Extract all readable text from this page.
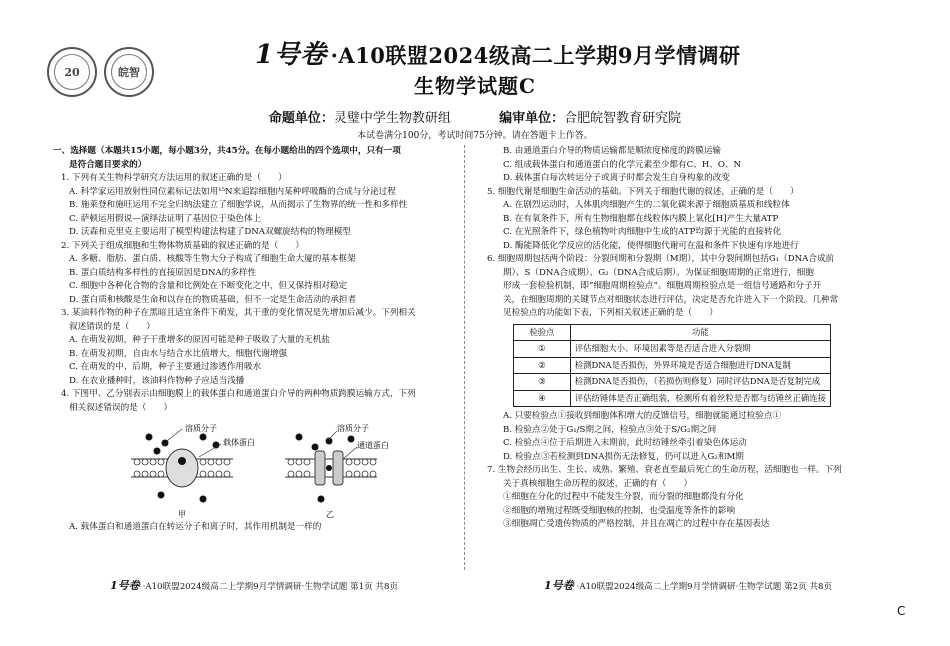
20	皖智
1号卷 ·A10联盟2024级高二上学期9月学情调研
生物学试题C
命题单位：灵璧中学生物教研组	编审单位：合肥皖智教育研究院
本试卷满分100分，考试时间75分钟。请在答题卡上作答。

一、选择题（本题共15小题，每小题3分，共45分。在每小题给出的四个选项中，只有一项

是符合题目要求的）

1. 下列有关生物科学研究方法运用的叙述正确的是（　　）

A. 科学家运用放射性同位素标记法如用¹⁵N来追踪细胞内某种呼吸酶的合成与分泌过程

B. 施莱登和施旺运用不完全归纳法建立了细胞学说，从而揭示了生物界的统一性和多样性

C. 萨顿运用假说—演绎法证明了基因位于染色体上

D. 沃森和克里克主要运用了模型构建法构建了DNA双螺旋结构的物理模型

2. 下列关于组成细胞和生物体物质基础的叙述正确的是（　　）

A. 多糖、脂肪、蛋白质、核酸等生物大分子构成了细胞生命大厦的基本框架

B. 蛋白质结构多样性的直接原因是DNA的多样性

C. 细胞中各种化合物的含量和比例处在不断变化之中，但又保持相对稳定

D. 蛋白质和核酸是生命和以存在的物质基础，但不一定是生命活动的承担者

3. 某油料作物的种子在黑暗且适宜条件下萌发，其干重的变化情况是先增加后减少。下列相关

叙述错误的是（　　）

A. 在萌发初期，种子干重增多的原因可能是种子吸收了大量的无机盐

B. 在萌发初期，自由水与结合水比值增大，细胞代谢增强

C. 在萌发的中、后期，种子主要通过渗透作用吸水

D. 在农业播种时，该油料作物种子应适当浅播

4. 下图甲、乙分别表示由细胞膜上的载体蛋白和通道蛋白介导的两种物质跨膜运输方式，下列

相关叙述错误的是（　　）

溶质分子
载体蛋白
甲
溶质分子
通道蛋白
乙

A. 载体蛋白和通道蛋白在转运分子和离子时，其作用机制是一样的

B. 由通道蛋白介导的物质运输都是顺浓度梯度的跨膜运输

C. 组成载体蛋白和通道蛋白的化学元素至少都有C、H、O、N

D. 载体蛋白每次转运分子或离子时都会发生自身构象的改变

5. 细胞代谢是细胞生命活动的基础。下列关于细胞代谢的叙述，正确的是（　　）

A. 在剧烈运动时，人体肌肉细胞产生的二氧化碳来源于细胞质基质和线粒体

B. 在有氧条件下，所有生物细胞都在线粒体内膜上氧化[H]产生大量ATP

C. 在光照条件下，绿色植物叶肉细胞中生成的ATP均源于光能的直接转化

D. 酶能降低化学反应的活化能，使得细胞代谢可在温和条件下快速有序地进行

6. 细胞周期包括两个阶段：分裂间期和分裂期（M期），其中分裂间期包括G₁（DNA合成前

期）、S（DNA合成期）、G₂（DNA合成后期）。为保证细胞周期的正常进行，细胞

形成一套检验机制，即“细胞周期检验点”。细胞周期检验点是一组信号通路和分子开

关，在细胞周期的关键节点对细胞状态进行评估，决定是否允许进入下一个阶段。几种常

见检验点的功能如下表，下列相关叙述正确的是（　　）

检验点	功能
①	评估细胞大小、环境因素等是否适合进入分裂期
②	检测DNA是否损伤，外界环境是否适合细胞进行DNA复制
③	检测DNA是否损伤，（若损伤则修复）同时评估DNA是否复制完成
④	评估纺锤体是否正确组装，检测所有着丝粒是否都与纺锤丝正确连接

A. 只要检验点①接收到细胞体积增大的反馈信号，细胞就能通过检验点①

B. 检验点②处于G₁/S期之间，检验点③处于S/G₂期之间

C. 检验点④位于后期进入末期前，此时纺锤丝牵引着染色体运动

D. 检验点③若检测到DNA损伤无法修复，仍可以进入G₂和M期

7. 生物会经历出生、生长、成熟、繁殖、衰老直至最后死亡的生命历程，活细胞也一样。下列

关于真核细胞生命历程的叙述，正确的有（　　）

①细胞在分化的过程中不能发生分裂，而分裂的细胞都没有分化

②细胞的增殖过程既受细胞核的控制，也受温度等条件的影响

③细胞凋亡受遗传物质的严格控制，并且在凋亡的过程中存在基因表达

1号卷 ·A10联盟2024级高二上学期9月学情调研·生物学试题 第1页 共8页	1号卷 ·A10联盟2024级高二上学期9月学情调研·生物学试题 第2页 共8页
C
